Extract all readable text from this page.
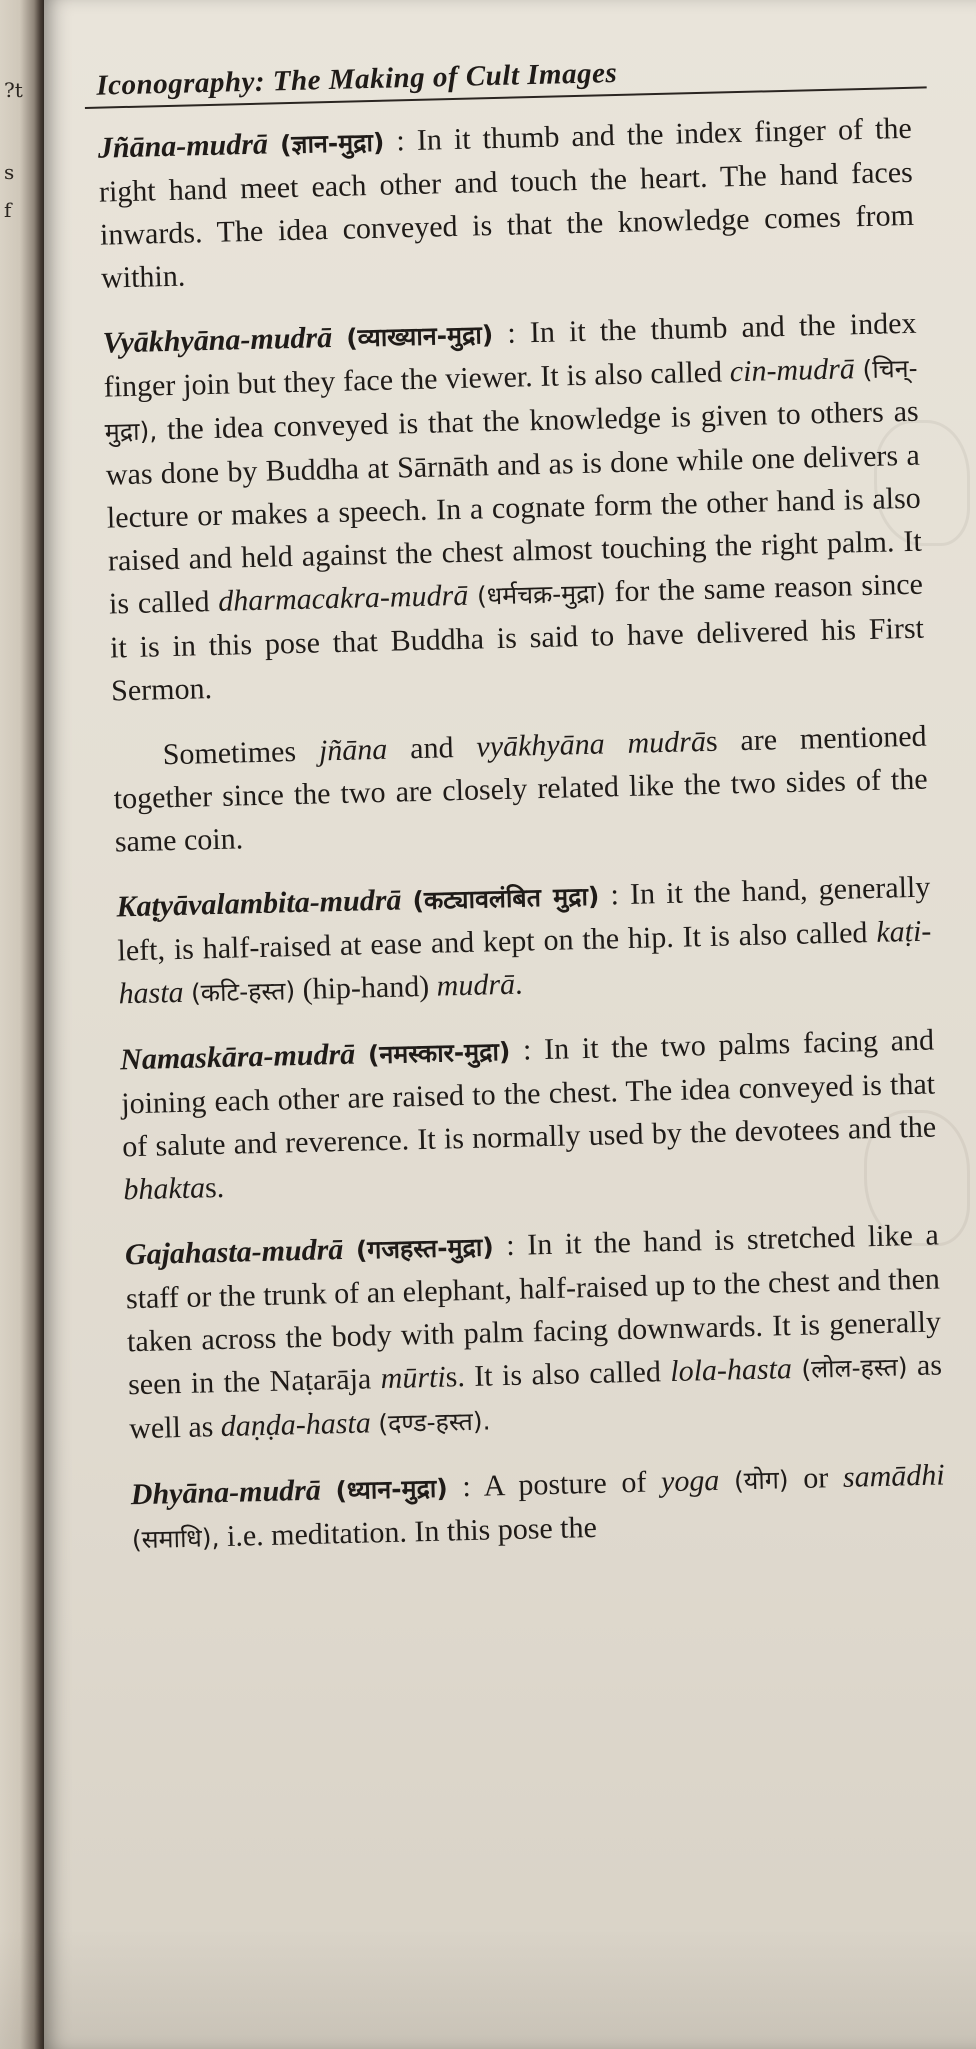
?t
s
f
Iconography: The Making of Cult Images

Jñāna-mudrā (ज्ञान-मुद्रा) : In it thumb and the index finger of the right hand meet each other and touch the heart. The hand faces inwards. The idea conveyed is that the knowledge comes from within.

Vyākhyāna-mudrā (व्याख्यान-मुद्रा) : In it the thumb and the index finger join but they face the viewer. It is also called cin-mudrā (चिन्-मुद्रा), the idea conveyed is that the knowledge is given to others as was done by Buddha at Sārnāth and as is done while one delivers a lecture or makes a speech. In a cognate form the other hand is also raised and held against the chest almost touching the right palm. It is called dharmacakra-mudrā (धर्मचक्र-मुद्रा) for the same reason since it is in this pose that Buddha is said to have delivered his First Sermon.

Sometimes jñāna and vyākhyāna mudrās are mentioned together since the two are closely related like the two sides of the same coin.

Kaṭyāvalambita-mudrā (कट्यावलंबित मुद्रा) : In it the hand, generally left, is half-raised at ease and kept on the hip. It is also called kaṭi-hasta (कटि-हस्त) (hip-hand) mudrā.

Namaskāra-mudrā (नमस्कार-मुद्रा) : In it the two palms facing and joining each other are raised to the chest. The idea conveyed is that of salute and reverence. It is normally used by the devotees and the bhaktas.

Gajahasta-mudrā (गजहस्त-मुद्रा) : In it the hand is stretched like a staff or the trunk of an elephant, half-raised up to the chest and then taken across the body with palm facing downwards. It is generally seen in the Naṭarāja mūrtis. It is also called lola-hasta (लोल-हस्त) as well as daṇḍa-hasta (दण्ड-हस्त).

Dhyāna-mudrā (ध्यान-मुद्रा) : A posture of yoga (योग) or samādhi (समाधि), i.e. meditation. In this pose the
